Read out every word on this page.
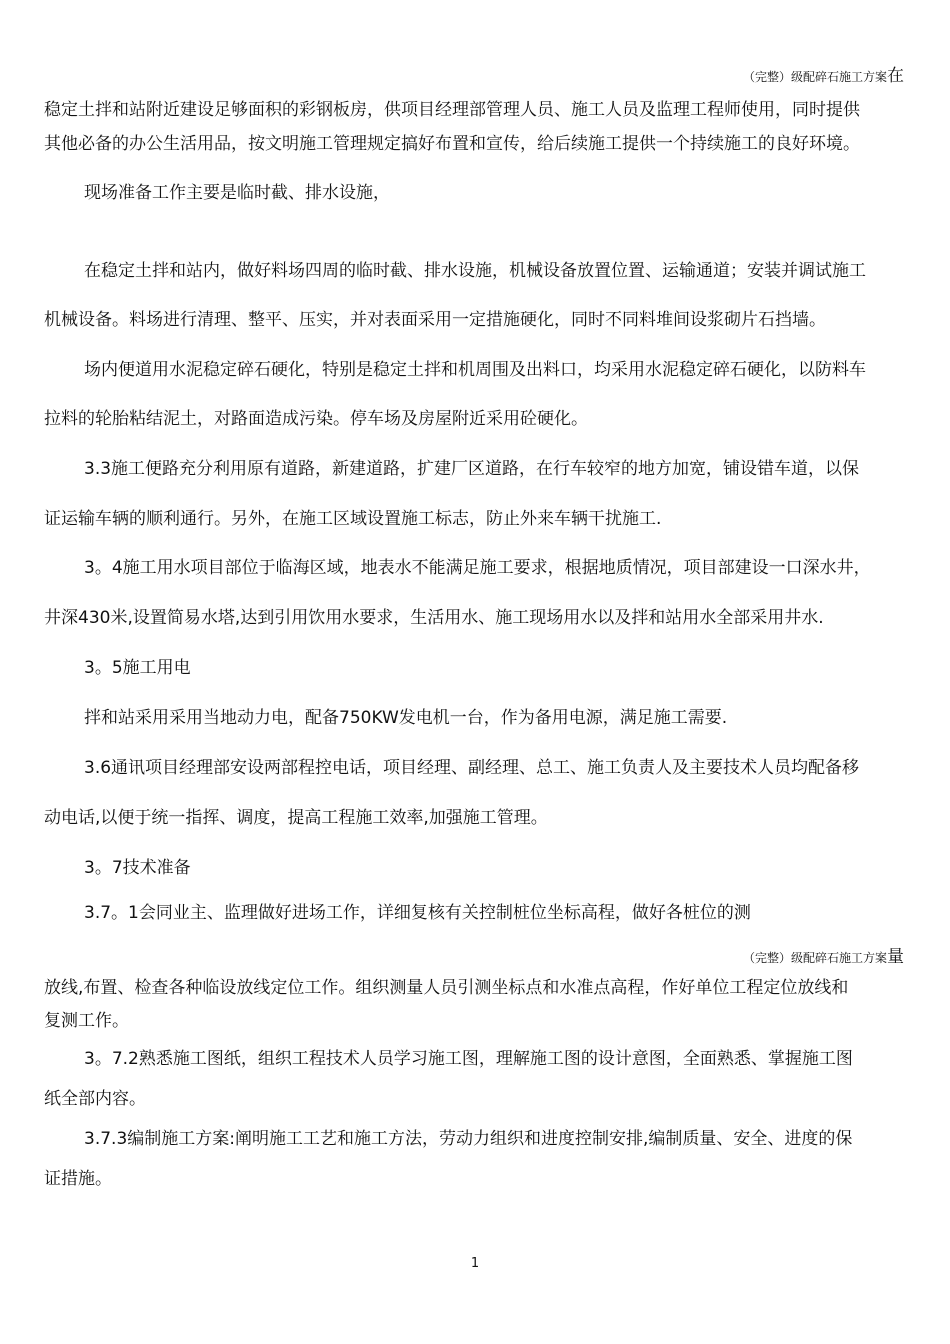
（完整）级配碎石施工方案在
稳定土拌和站附近建设足够面积的彩钢板房，供项目经理部管理人员、施工人员及监理工程师使用，同时提供
其他必备的办公生活用品，按文明施工管理规定搞好布置和宣传，给后续施工提供一个持续施工的良好环境。
现场准备工作主要是临时截、排水设施，
在稳定土拌和站内，做好料场四周的临时截、排水设施，机械设备放置位置、运输通道；安装并调试施工
机械设备。料场进行清理、整平、压实，并对表面采用一定措施硬化，同时不同料堆间设浆砌片石挡墙。
场内便道用水泥稳定碎石硬化，特别是稳定土拌和机周围及出料口，均采用水泥稳定碎石硬化，以防料车
拉料的轮胎粘结泥土，对路面造成污染。停车场及房屋附近采用砼硬化。
3.3施工便路充分利用原有道路，新建道路，扩建厂区道路，在行车较窄的地方加宽，铺设错车道，以保
证运输车辆的顺利通行。另外，在施工区域设置施工标志，防止外来车辆干扰施工.
3。4施工用水项目部位于临海区域，地表水不能满足施工要求，根据地质情况，项目部建设一口深水井，
井深430米,设置简易水塔,达到引用饮用水要求，生活用水、施工现场用水以及拌和站用水全部采用井水.
3。5施工用电
拌和站采用采用当地动力电，配备750KW发电机一台，作为备用电源，满足施工需要.
3.6通讯项目经理部安设两部程控电话，项目经理、副经理、总工、施工负责人及主要技术人员均配备移
动电话,以便于统一指挥、调度，提高工程施工效率,加强施工管理。
3。7技术准备
3.7。1会同业主、监理做好进场工作，详细复核有关控制桩位坐标高程，做好各桩位的测
（完整）级配碎石施工方案量
放线,布置、检查各种临设放线定位工作。组织测量人员引测坐标点和水准点高程，作好单位工程定位放线和
复测工作。
3。7.2熟悉施工图纸，组织工程技术人员学习施工图，理解施工图的设计意图，全面熟悉、掌握施工图
纸全部内容。
3.7.3编制施工方案:阐明施工工艺和施工方法，劳动力组织和进度控制安排,编制质量、安全、进度的保
证措施。
1
